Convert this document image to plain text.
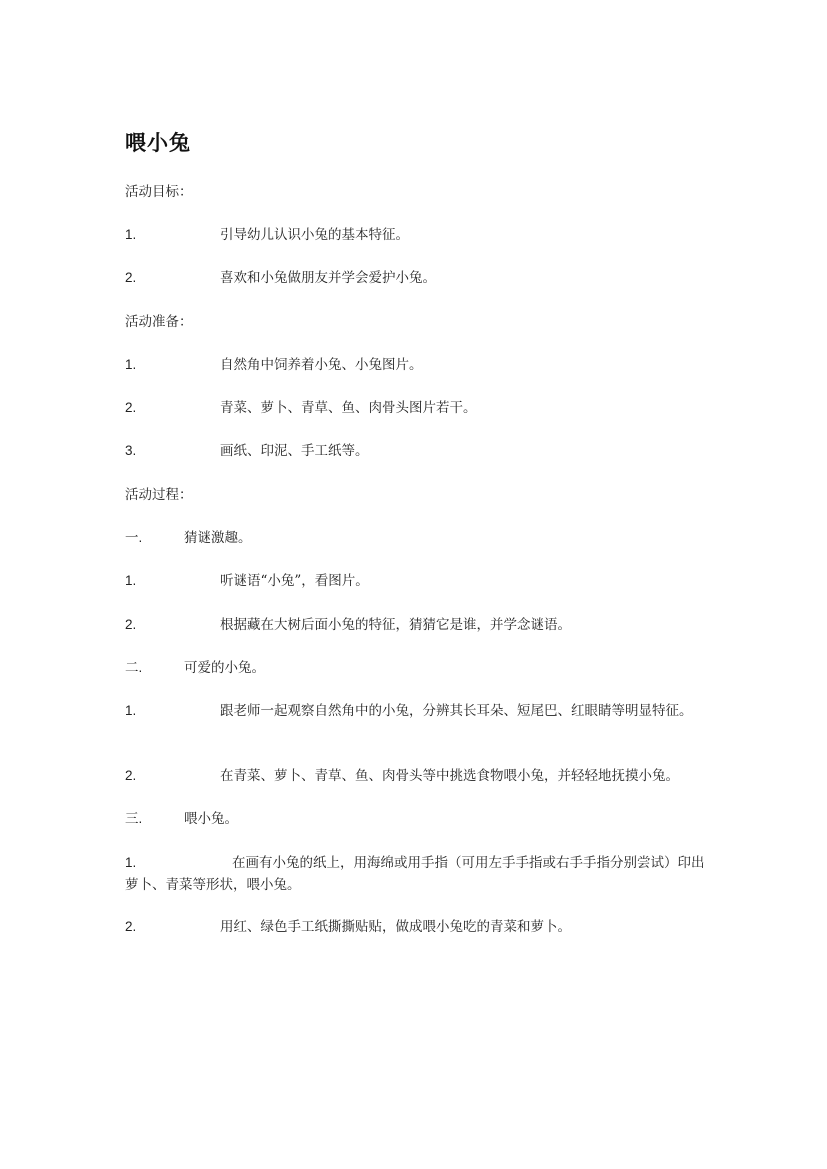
喂小兔
活动目标：
1.	引导幼儿认识小兔的基本特征。
2.	喜欢和小兔做朋友并学会爱护小兔。
活动准备：
1.	自然角中饲养着小兔、小兔图片。
2.	青菜、萝卜、青草、鱼、肉骨头图片若干。
3.	画纸、印泥、手工纸等。
活动过程：
一.	猜谜激趣。
1.	听谜语“小兔”，看图片。
2.	根据藏在大树后面小兔的特征，猜猜它是谁，并学念谜语。
二.	可爱的小兔。
1.	跟老师一起观察自然角中的小兔，分辨其长耳朵、短尾巴、红眼睛等明显特征。
2.	在青菜、萝卜、青草、鱼、肉骨头等中挑选食物喂小兔，并轻轻地抚摸小兔。
三.	喂小兔。
1.	在画有小兔的纸上，用海绵或用手指（可用左手手指或右手手指分别尝试）印出萝卜、青菜等形状，喂小兔。
2.	用红、绿色手工纸撕撕贴贴，做成喂小兔吃的青菜和萝卜。
